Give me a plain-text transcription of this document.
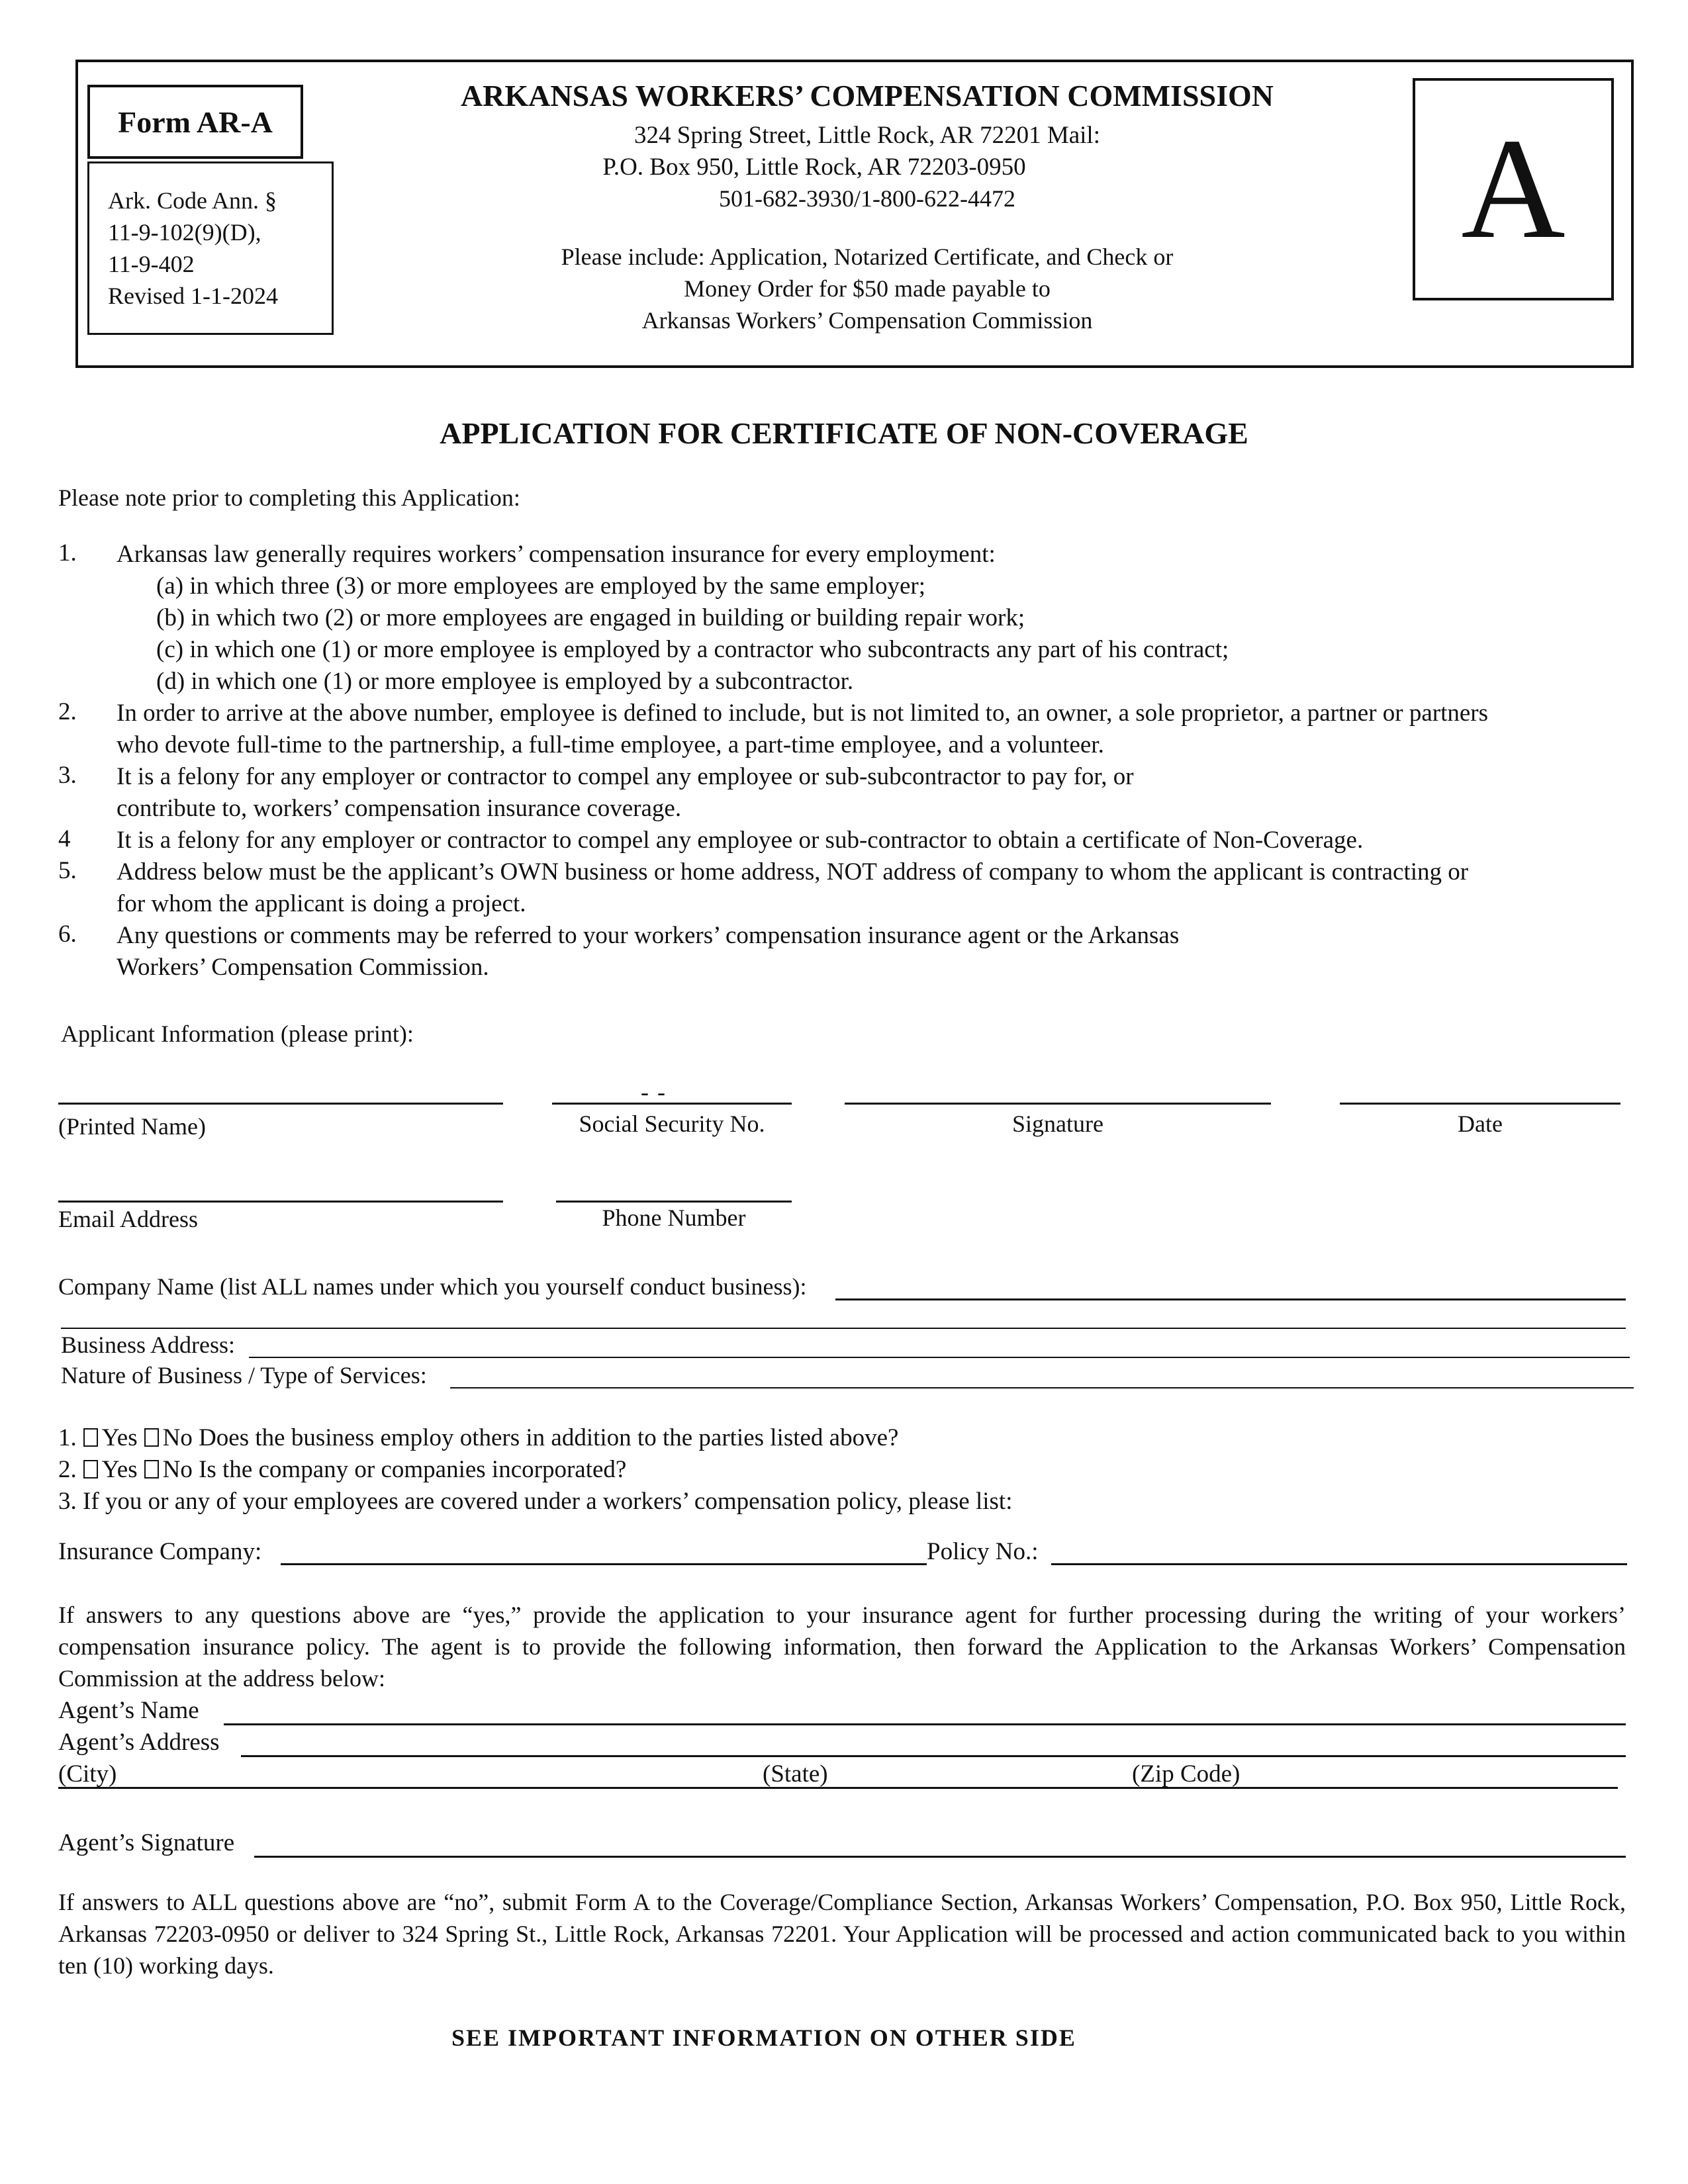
Form AR-A
Ark. Code Ann. §
11-9-102(9)(D),
11-9-402
Revised 1-1-2024
ARKANSAS WORKERS’ COMPENSATION COMMISSION
324 Spring Street, Little Rock, AR 72201 Mail:
P.O. Box 950, Little Rock, AR 72203-0950
501-682-3930/1-800-622-4472
Please include: Application, Notarized Certificate, and Check or
Money Order for $50 made payable to
Arkansas Workers’ Compensation Commission
A
APPLICATION FOR CERTIFICATE OF NON-COVERAGE
Please note prior to completing this Application:
1. Arkansas law generally requires workers’ compensation insurance for every employment:
(a) in which three (3) or more employees are employed by the same employer;
(b) in which two (2) or more employees are engaged in building or building repair work;
(c) in which one (1) or more employee is employed by a contractor who subcontracts any part of his contract;
(d) in which one (1) or more employee is employed by a subcontractor.
2. In order to arrive at the above number, employee is defined to include, but is not limited to, an owner, a sole proprietor, a partner or partners
who devote full-time to the partnership, a full-time employee, a part-time employee, and a volunteer.
3. It is a felony for any employer or contractor to compel any employee or sub-subcontractor to pay for, or
contribute to, workers’ compensation insurance coverage.
4 It is a felony for any employer or contractor to compel any employee or sub-contractor to obtain a certificate of Non-Coverage.
5. Address below must be the applicant’s OWN business or home address, NOT address of company to whom the applicant is contracting or
for whom the applicant is doing a project.
6. Any questions or comments may be referred to your workers’ compensation insurance agent or the Arkansas
Workers’ Compensation Commission.
Applicant Information (please print):
- -
(Printed Name)	Social Security No.	Signature	Date
Email Address	Phone Number
Company Name (list ALL names under which you yourself conduct business):
Business Address:
Nature of Business / Type of Services:
1. Yes No Does the business employ others in addition to the parties listed above?
2. Yes No Is the company or companies incorporated?
3. If you or any of your employees are covered under a workers’ compensation policy, please list:
Insurance Company:	Policy No.:
If answers to any questions above are “yes,” provide the application to your insurance agent for further processing during the writing of your workers’ compensation insurance policy. The agent is to provide the following information, then forward the Application to the Arkansas Workers’ Compensation Commission at the address below:
Agent’s Name
Agent’s Address
(City)	(State)	(Zip Code)
Agent’s Signature
If answers to ALL questions above are “no”, submit Form A to the Coverage/Compliance Section, Arkansas Workers’ Compensation, P.O. Box 950, Little Rock, Arkansas 72203-0950 or deliver to 324 Spring St., Little Rock, Arkansas 72201. Your Application will be processed and action communicated back to you within ten (10) working days.
SEE IMPORTANT INFORMATION ON OTHER SIDE
